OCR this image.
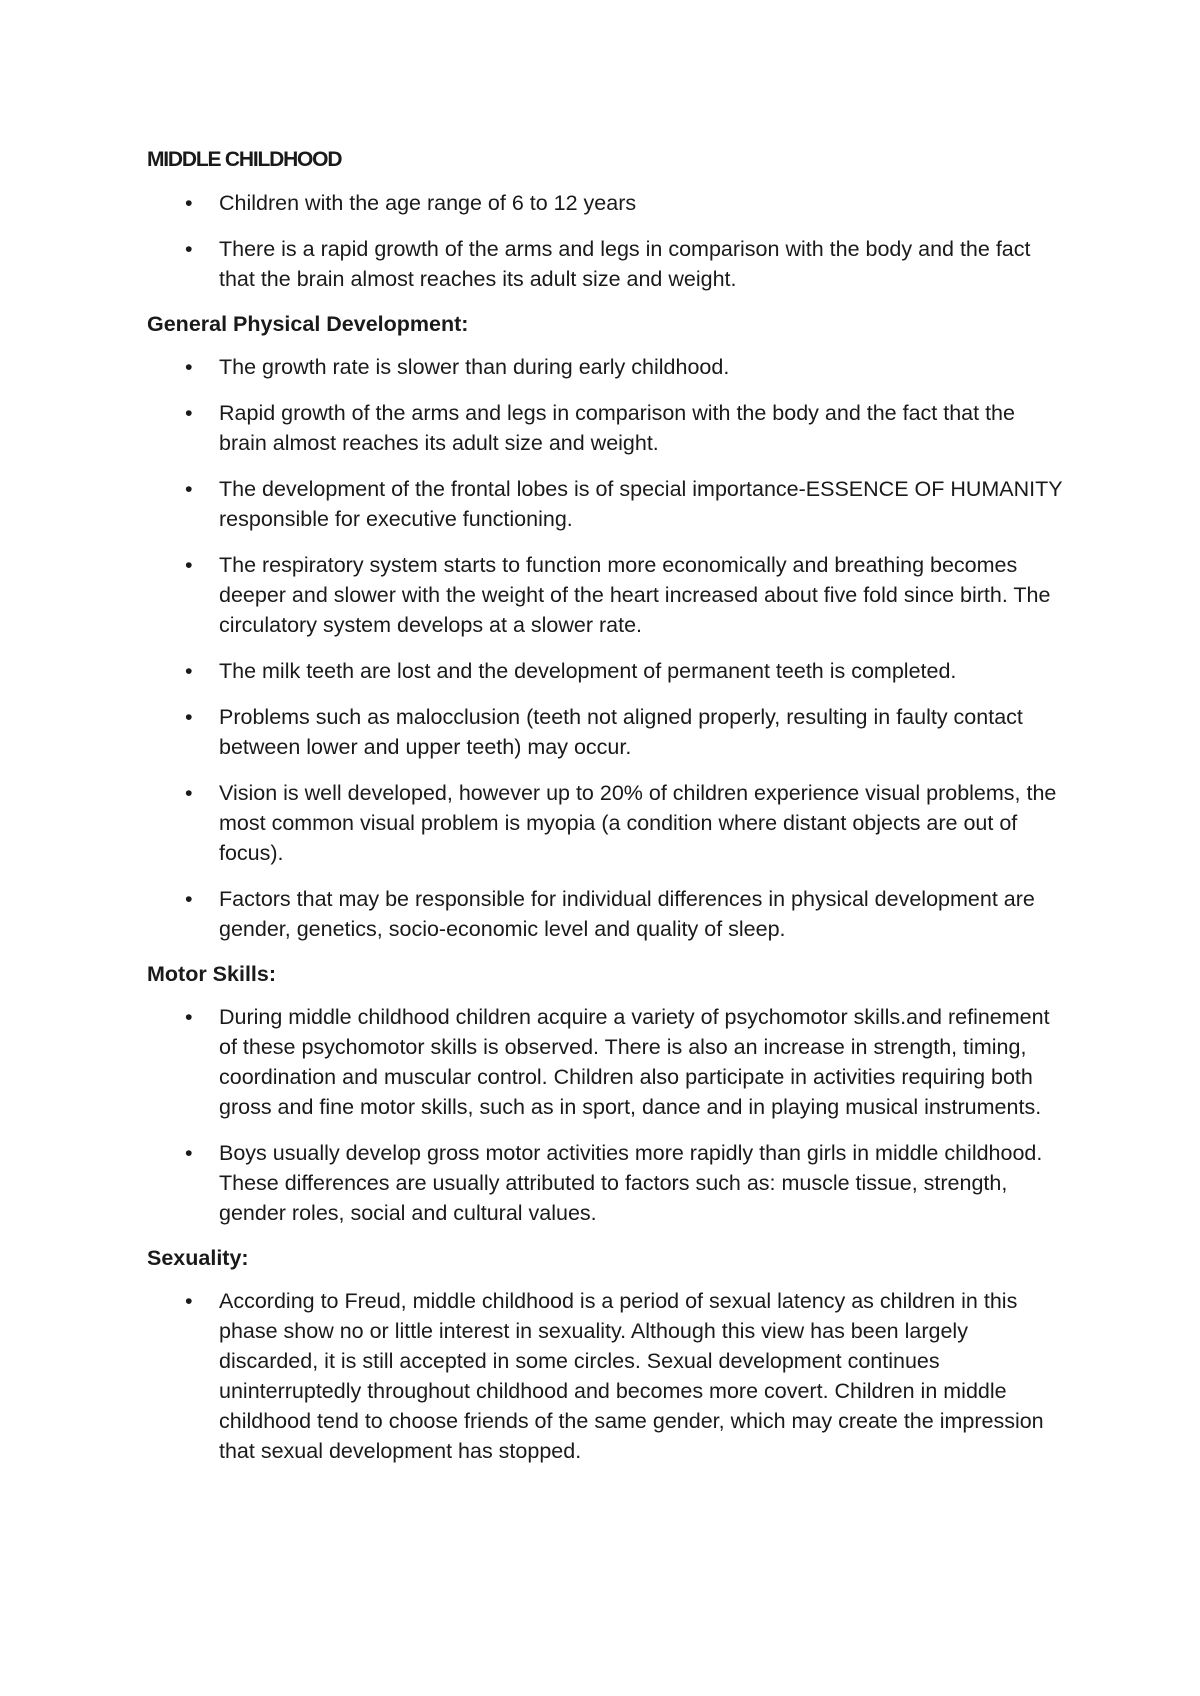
MIDDLE CHILDHOOD
• Children with the age range of 6 to 12 years
• There is a rapid growth of the arms and legs in comparison with the body and the fact that the brain almost reaches its adult size and weight.
General Physical Development:
• The growth rate is slower than during early childhood.
• Rapid growth of the arms and legs in comparison with the body and the fact that the brain almost reaches its adult size and weight.
• The development of the frontal lobes is of special importance-ESSENCE OF HUMANITY responsible for executive functioning.
• The respiratory system starts to function more economically and breathing becomes deeper and slower with the weight of the heart increased about five fold since birth. The circulatory system develops at a slower rate.
• The milk teeth are lost and the development of permanent teeth is completed.
• Problems such as malocclusion (teeth not aligned properly, resulting in faulty contact between lower and upper teeth) may occur.
• Vision is well developed, however up to 20% of children experience visual problems, the most common visual problem is myopia (a condition where distant objects are out of focus).
• Factors that may be responsible for individual differences in physical development are gender, genetics, socio-economic level and quality of sleep.
Motor Skills:
• During middle childhood children acquire a variety of psychomotor skills.and refinement of these psychomotor skills is observed. There is also an increase in strength, timing, coordination and muscular control. Children also participate in activities requiring both gross and fine motor skills, such as in sport, dance and in playing musical instruments.
• Boys usually develop gross motor activities more rapidly than girls in middle childhood. These differences are usually attributed to factors such as: muscle tissue, strength, gender roles, social and cultural values.
Sexuality:
• According to Freud, middle childhood is a period of sexual latency as children in this phase show no or little interest in sexuality. Although this view has been largely discarded, it is still accepted in some circles. Sexual development continues uninterruptedly throughout childhood and becomes more covert. Children in middle childhood tend to choose friends of the same gender, which may create the impression that sexual development has stopped.
